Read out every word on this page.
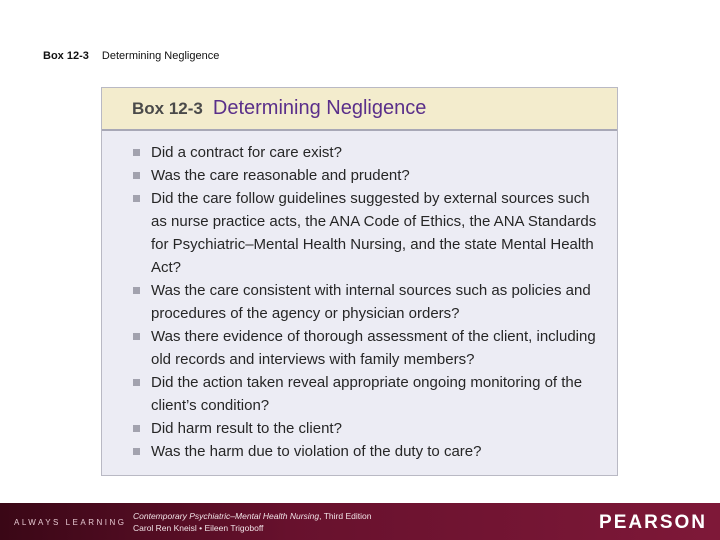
Box 12-3 Determining Negligence
Box 12-3 Determining Negligence
Did a contract for care exist?
Was the care reasonable and prudent?
Did the care follow guidelines suggested by external sources such as nurse practice acts, the ANA Code of Ethics, the ANA Standards for Psychiatric–Mental Health Nursing, and the state Mental Health Act?
Was the care consistent with internal sources such as policies and procedures of the agency or physician orders?
Was there evidence of thorough assessment of the client, including old records and interviews with family members?
Did the action taken reveal appropriate ongoing monitoring of the client’s condition?
Did harm result to the client?
Was the harm due to violation of the duty to care?
ALWAYS LEARNING
Contemporary Psychiatric–Mental Health Nursing, Third Edition
Carol Ren Kneisl • Eileen Trigoboff	PEARSON
